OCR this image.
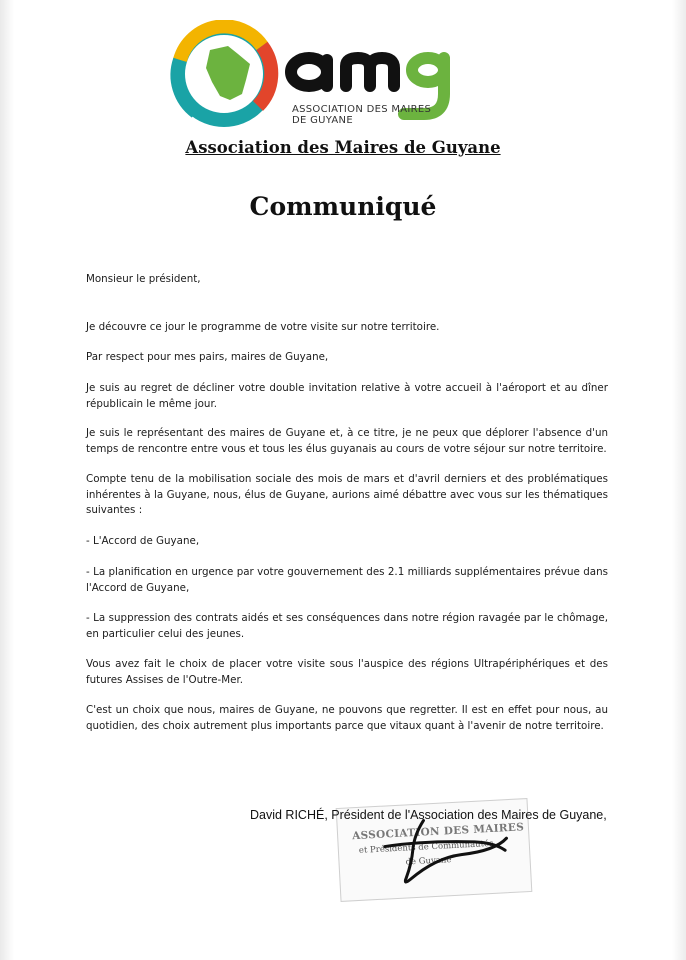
ASSOCIATION DES MAIRES DE GUYANE
Association des Maires de Guyane
Communiqué
Monsieur le président,
Je découvre ce jour le programme de votre visite sur notre territoire.
Par respect pour mes pairs, maires de Guyane,
Je suis au regret de décliner votre double invitation relative à votre accueil à l'aéroport et au dîner républicain le même jour.
Je suis le représentant des maires de Guyane et, à ce titre, je ne peux que déplorer l'absence d'un temps de rencontre entre vous et tous les élus guyanais au cours de votre séjour sur notre territoire.
Compte tenu de la mobilisation sociale des mois de mars et d'avril derniers et des problématiques inhérentes à la Guyane, nous, élus de Guyane, aurions aimé débattre avec vous sur les thématiques suivantes :
- L'Accord de Guyane,
- La planification en urgence par votre gouvernement des 2.1 milliards supplémentaires prévue dans l'Accord de Guyane,
- La suppression des contrats aidés et ses conséquences dans notre région ravagée par le chômage, en particulier celui des jeunes.
Vous avez fait le choix de placer votre visite sous l'auspice des régions Ultrapériphériques et des futures Assises de l'Outre-Mer.
C'est un choix que nous, maires de Guyane, ne pouvons que regretter. Il est en effet pour nous, au quotidien, des choix autrement plus importants parce que vitaux quant à l'avenir de notre territoire.
ASSOCIATION DES MAIRES
et Présidents de Communautés
de Guyane
David RICHÉ, Président de l'Association des Maires de Guyane,
